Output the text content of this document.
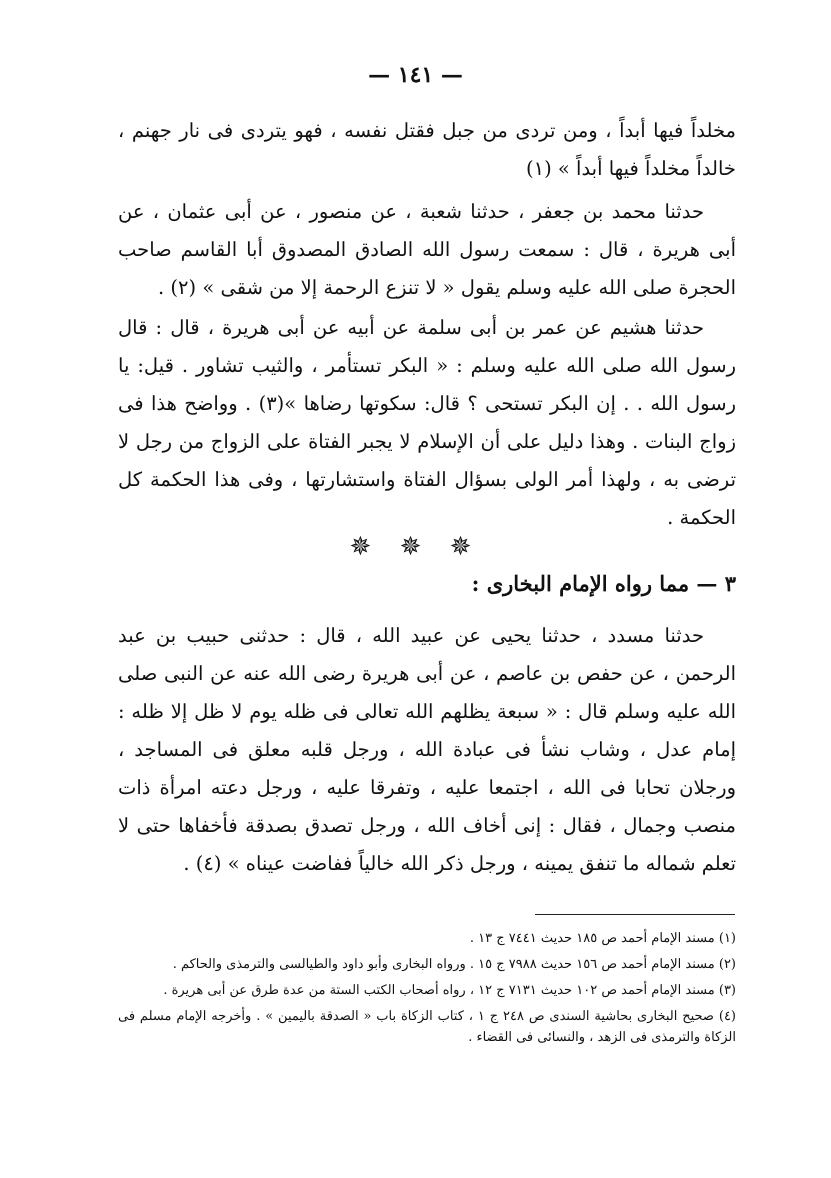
— ١٤١ —

مخلداً فيها أبداً ، ومن تردى من جبل فقتل نفسه ، فهو يتردى فى نار جهنم ، خالداً مخلداً فيها أبداً » (١)

حدثنا محمد بن جعفر ، حدثنا شعبة ، عن منصور ، عن أبى عثمان ، عن أبى هريرة ، قال : سمعت رسول الله الصادق المصدوق أبا القاسم صاحب الحجرة صلى الله عليه وسلم يقول « لا تنزع الرحمة إلا من شقى » (٢) .

حدثنا هشيم عن عمر بن أبى سلمة عن أبيه عن أبى هريرة ، قال : قال رسول الله صلى الله عليه وسلم : « البكر تستأمر ، والثيب تشاور . قيل: يا رسول الله . . إن البكر تستحى ؟ قال: سكوتها رضاها »(٣) . وواضح هذا فى زواج البنات . وهذا دليل على أن الإسلام لا يجبر الفتاة على الزواج من رجل لا ترضى به ، ولهذا أمر الولى بسؤال الفتاة واستشارتها ، وفى هذا الحكمة كل الحكمة .

✵ ✵ ✵
٣ — مما رواه الإمام البخارى :

حدثنا مسدد ، حدثنا يحيى عن عبيد الله ، قال : حدثنى حبيب بن عبد الرحمن ، عن حفص بن عاصم ، عن أبى هريرة رضى الله عنه عن النبى صلى الله عليه وسلم قال : « سبعة يظلهم الله تعالى فى ظله يوم لا ظل إلا ظله : إمام عدل ، وشاب نشأ فى عبادة الله ، ورجل قلبه معلق فى المساجد ، ورجلان تحابا فى الله ، اجتمعا عليه ، وتفرقا عليه ، ورجل دعته امرأة ذات منصب وجمال ، فقال : إنى أخاف الله ، ورجل تصدق بصدقة فأخفاها حتى لا تعلم شماله ما تنفق يمينه ، ورجل ذكر الله خالياً ففاضت عيناه » (٤) .

(١) مسند الإمام أحمد ص ١٨٥ حديث ٧٤٤١ ج ١٣ .

(٢) مسند الإمام أحمد ص ١٥٦ حديث ٧٩٨٨ ج ١٥ . ورواه البخارى وأبو داود والطيالسى والترمذى والحاكم .

(٣) مسند الإمام أحمد ص ١٠٢ حديث ٧١٣١ ج ١٢ ، رواه أصحاب الكتب الستة من عدة طرق عن أبى هريرة .

(٤) صحيح البخارى بحاشية السندى ص ٢٤٨ ج ١ ، كتاب الزكاة باب « الصدقة باليمين » . وأخرجه الإمام مسلم فى الزكاة والترمذى فى الزهد ، والنسائى فى القضاء .
